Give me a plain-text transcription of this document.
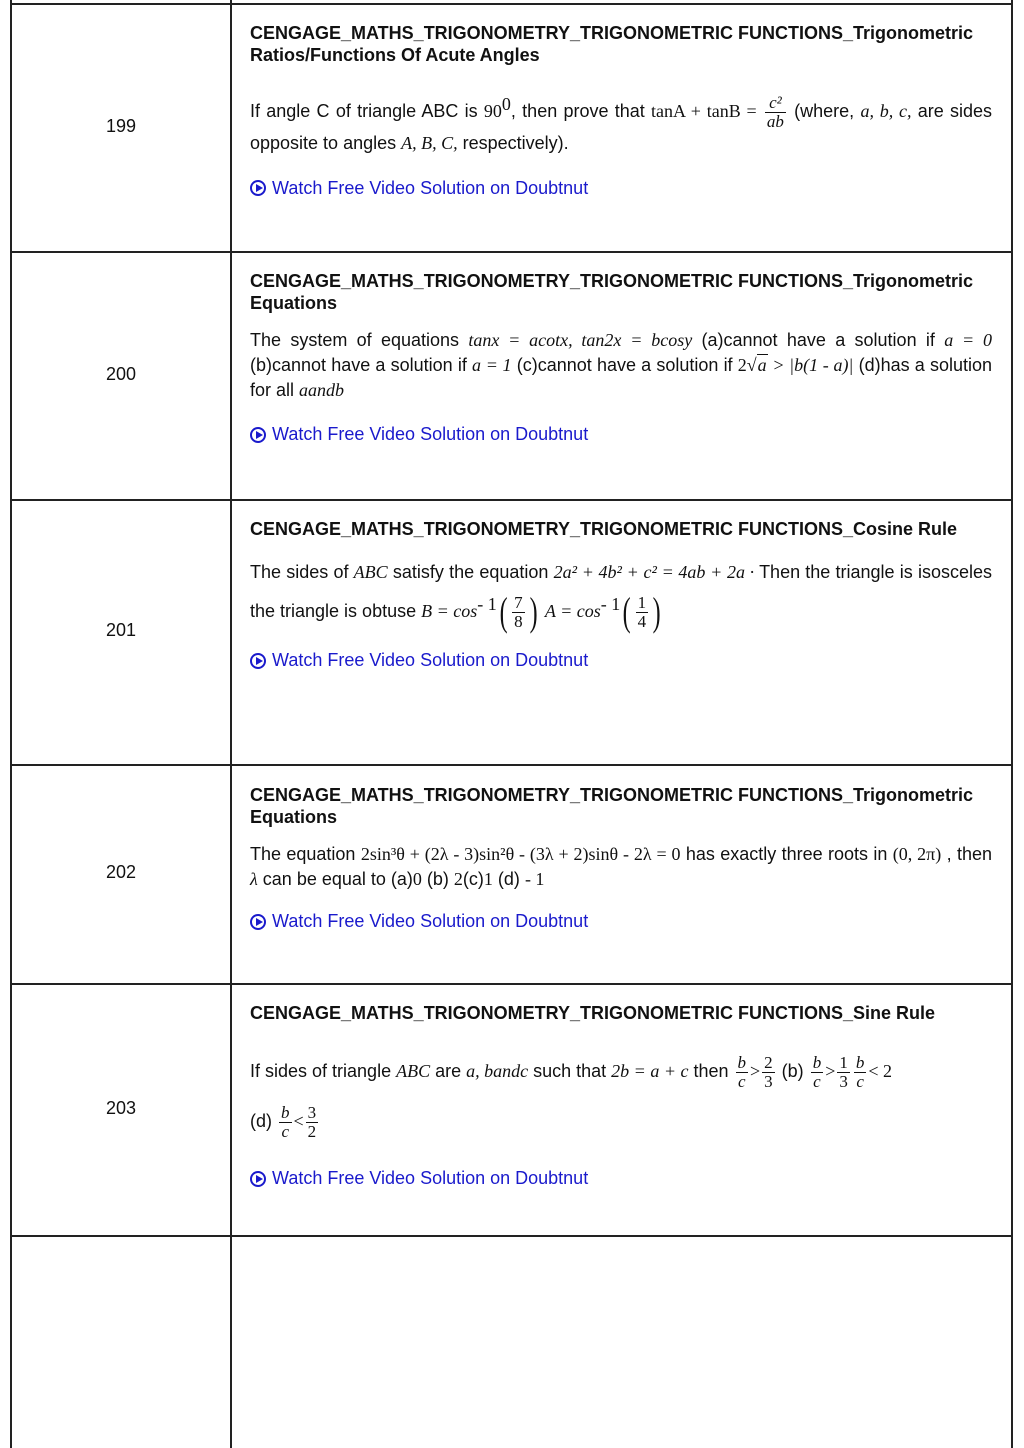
199
CENGAGE_MATHS_TRIGONOMETRY_TRIGONOMETRIC FUNCTIONS_Trigonometric Ratios/Functions Of Acute Angles
If angle C of triangle ABC is $90^0$, then prove that $\tan A + \tan B = \frac{\text{c²}}{ab}$ (where, a, b, c, are sides opposite to angles A, B, C, respectively).
Watch Free Video Solution on Doubtnut
200
CENGAGE_MATHS_TRIGONOMETRY_TRIGONOMETRIC FUNCTIONS_Trigonometric Equations
The system of equations tanx = acotx, tan2x = bcosy (a)cannot have a solution if a = 0 (b)cannot have a solution if a = 1 (c)cannot have a solution if 2√a > |b(1 - a)| (d)has a solution for all aandb
Watch Free Video Solution on Doubtnut
201
CENGAGE_MATHS_TRIGONOMETRY_TRIGONOMETRIC FUNCTIONS_Cosine Rule
The sides of ABC satisfy the equation 2a² + 4b² + c² = 4ab + 2a · Then the triangle is isosceles the triangle is obtuse $B = \cos^{- 1}( \frac{7}{8}$ ) $A = \cos^{- 1}( \frac{1}{4}$ )
Watch Free Video Solution on Doubtnut
202
CENGAGE_MATHS_TRIGONOMETRY_TRIGONOMETRIC FUNCTIONS_Trigonometric Equations
The equation 2sin³θ + (2λ - 3)sin²θ - (3λ + 2)sinθ - 2λ = 0 has exactly three roots in (0, 2π) , then λ can be equal to (a)0 (b) 2(c)1 (d) - 1
Watch Free Video Solution on Doubtnut
203
CENGAGE_MATHS_TRIGONOMETRY_TRIGONOMETRIC FUNCTIONS_Sine Rule
If sides of triangle ABC are a, bandc such that 2b = a + c then $\frac{b}{c} > \frac{2}{3} (b) \frac{b}{c} > \frac{1}{3} \frac{b}{c} < 2$
$(d) \frac{b}{c} < \frac{3}{2}$
Watch Free Video Solution on Doubtnut
